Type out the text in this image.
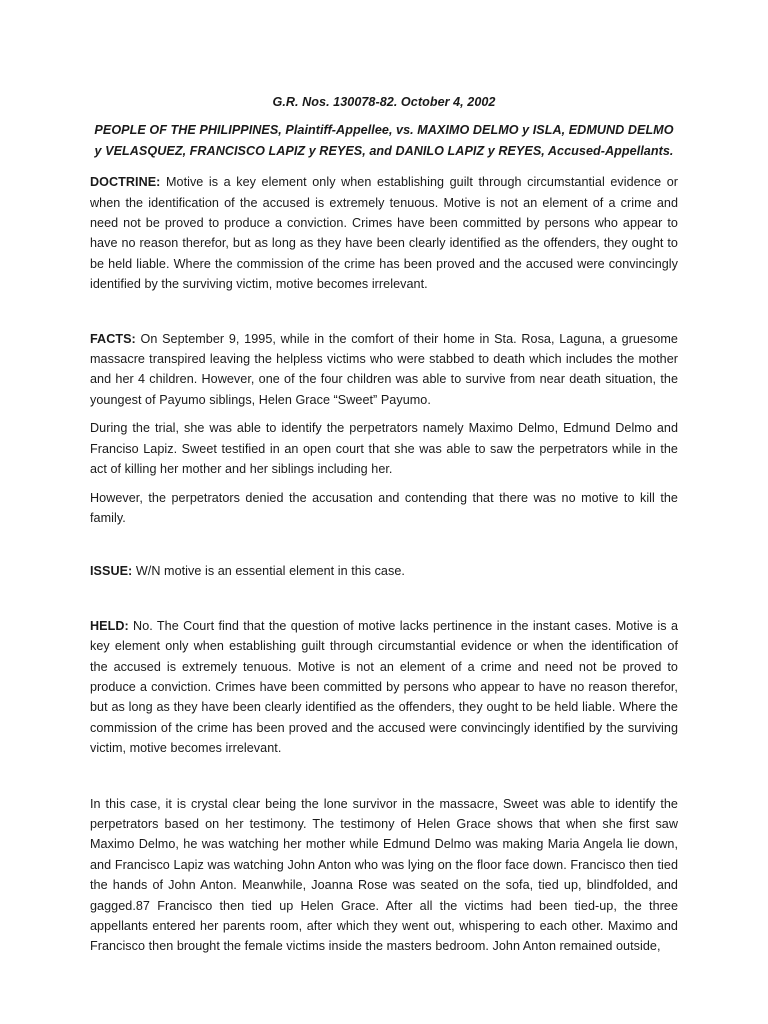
G.R. Nos. 130078-82. October 4, 2002

PEOPLE OF THE PHILIPPINES, Plaintiff-Appellee, vs. MAXIMO DELMO y ISLA, EDMUND DELMO y VELASQUEZ, FRANCISCO LAPIZ y REYES, and DANILO LAPIZ y REYES, Accused-Appellants.

DOCTRINE: Motive is a key element only when establishing guilt through circumstantial evidence or when the identification of the accused is extremely tenuous. Motive is not an element of a crime and need not be proved to produce a conviction. Crimes have been committed by persons who appear to have no reason therefor, but as long as they have been clearly identified as the offenders, they ought to be held liable. Where the commission of the crime has been proved and the accused were convincingly identified by the surviving victim, motive becomes irrelevant.

FACTS: On September 9, 1995, while in the comfort of their home in Sta. Rosa, Laguna, a gruesome massacre transpired leaving the helpless victims who were stabbed to death which includes the mother and her 4 children. However, one of the four children was able to survive from near death situation, the youngest of Payumo siblings, Helen Grace “Sweet” Payumo.

During the trial, she was able to identify the perpetrators namely Maximo Delmo, Edmund Delmo and Franciso Lapiz. Sweet testified in an open court that she was able to saw the perpetrators while in the act of killing her mother and her siblings including her.

However, the perpetrators denied the accusation and contending that there was no motive to kill the family.

ISSUE: W/N motive is an essential element in this case.

HELD: No. The Court find that the question of motive lacks pertinence in the instant cases. Motive is a key element only when establishing guilt through circumstantial evidence or when the identification of the accused is extremely tenuous. Motive is not an element of a crime and need not be proved to produce a conviction. Crimes have been committed by persons who appear to have no reason therefor, but as long as they have been clearly identified as the offenders, they ought to be held liable. Where the commission of the crime has been proved and the accused were convincingly identified by the surviving victim, motive becomes irrelevant.

In this case, it is crystal clear being the lone survivor in the massacre, Sweet was able to identify the perpetrators based on her testimony. The testimony of Helen Grace shows that when she first saw Maximo Delmo, he was watching her mother while Edmund Delmo was making Maria Angela lie down, and Francisco Lapiz was watching John Anton who was lying on the floor face down. Francisco then tied the hands of John Anton. Meanwhile, Joanna Rose was seated on the sofa, tied up, blindfolded, and gagged.87 Francisco then tied up Helen Grace. After all the victims had been tied-up, the three appellants entered her parents room, after which they went out, whispering to each other. Maximo and Francisco then brought the female victims inside the masters bedroom. John Anton remained outside,
